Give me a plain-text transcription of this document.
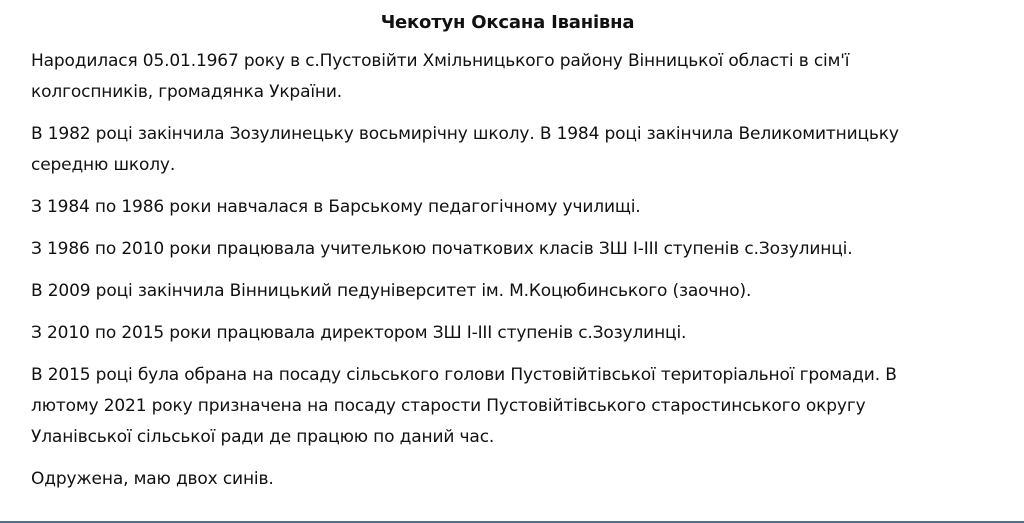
Чекотун Оксана Іванівна
Народилася 05.01.1967 року в с.Пустовійти Хмільницького району Вінницької області в сім'ї
колгоспників, громадянка України.
В 1982 році закінчила Зозулинецьку восьмирічну школу. В 1984 році закінчила Великомитницьку
середню школу.
З 1984 по 1986 роки навчалася в Барському педагогічному училищі.
З 1986 по 2010 роки працювала учителькою початкових класів ЗШ І-ІІІ ступенів с.Зозулинці.
В 2009 році закінчила Вінницький педуніверситет ім. М.Коцюбинського (заочно).
З 2010 по 2015 роки працювала директором ЗШ І-ІІІ ступенів с.Зозулинці.
В 2015 році була обрана на посаду сільського голови Пустовійтівської територіальної громади. В
лютому 2021 року призначена на посаду старости Пустовійтівського старостинського округу
Уланівської сільської ради де працюю по даний час.
Одружена, маю двох синів.
